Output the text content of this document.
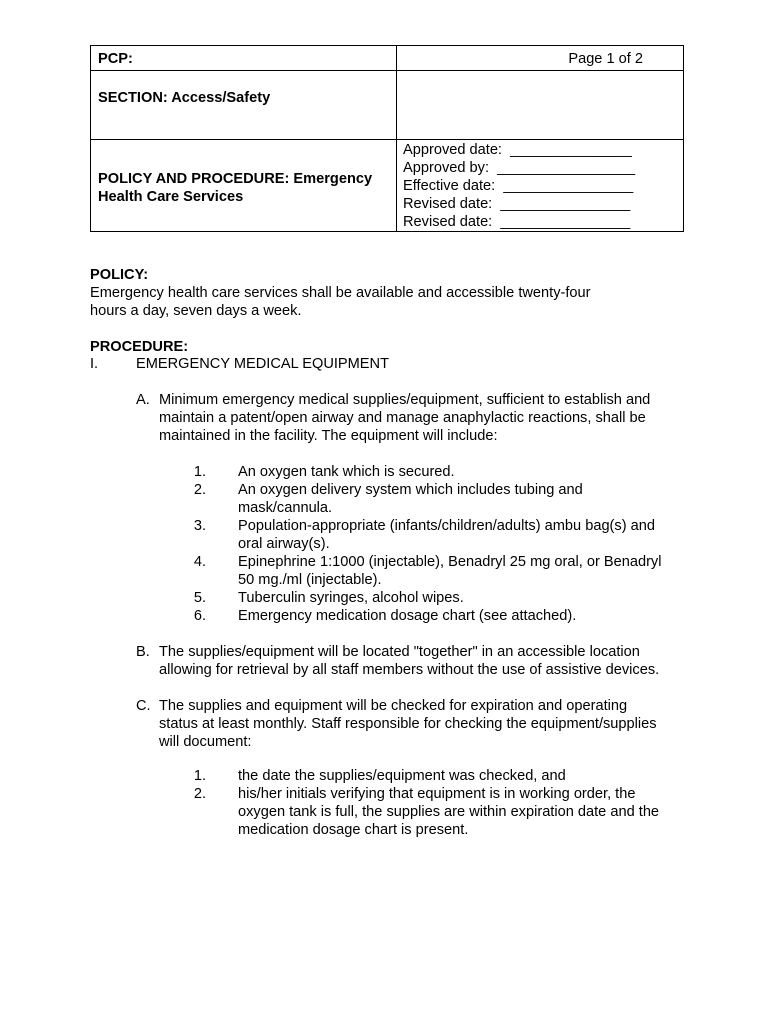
PCP:	Page 1 of 2
SECTION: Access/Safety
POLICY AND PROCEDURE: Emergency
Health Care Services
Approved date:  _______________
Approved by:  _________________
Effective date:  ________________
Revised date:  ________________
Revised date:  ________________
POLICY:
Emergency health care services shall be available and accessible twenty-four
hours a day, seven days a week.
PROCEDURE:
I.	EMERGENCY MEDICAL EQUIPMENT
A. Minimum emergency medical supplies/equipment, sufficient to establish and
maintain a patent/open airway and manage anaphylactic reactions, shall be
maintained in the facility. The equipment will include:
1. An oxygen tank which is secured.
2. An oxygen delivery system which includes tubing and
mask/cannula.
3. Population-appropriate (infants/children/adults) ambu bag(s) and
oral airway(s).
4. Epinephrine 1:1000 (injectable), Benadryl 25 mg oral, or Benadryl
50 mg./ml (injectable).
5. Tuberculin syringes, alcohol wipes.
6. Emergency medication dosage chart (see attached).
B. The supplies/equipment will be located "together" in an accessible location
allowing for retrieval by all staff members without the use of assistive devices.
C. The supplies and equipment will be checked for expiration and operating
status at least monthly. Staff responsible for checking the equipment/supplies
will document:
1. the date the supplies/equipment was checked, and
2. his/her initials verifying that equipment is in working order, the
oxygen tank is full, the supplies are within expiration date and the
medication dosage chart is present.
